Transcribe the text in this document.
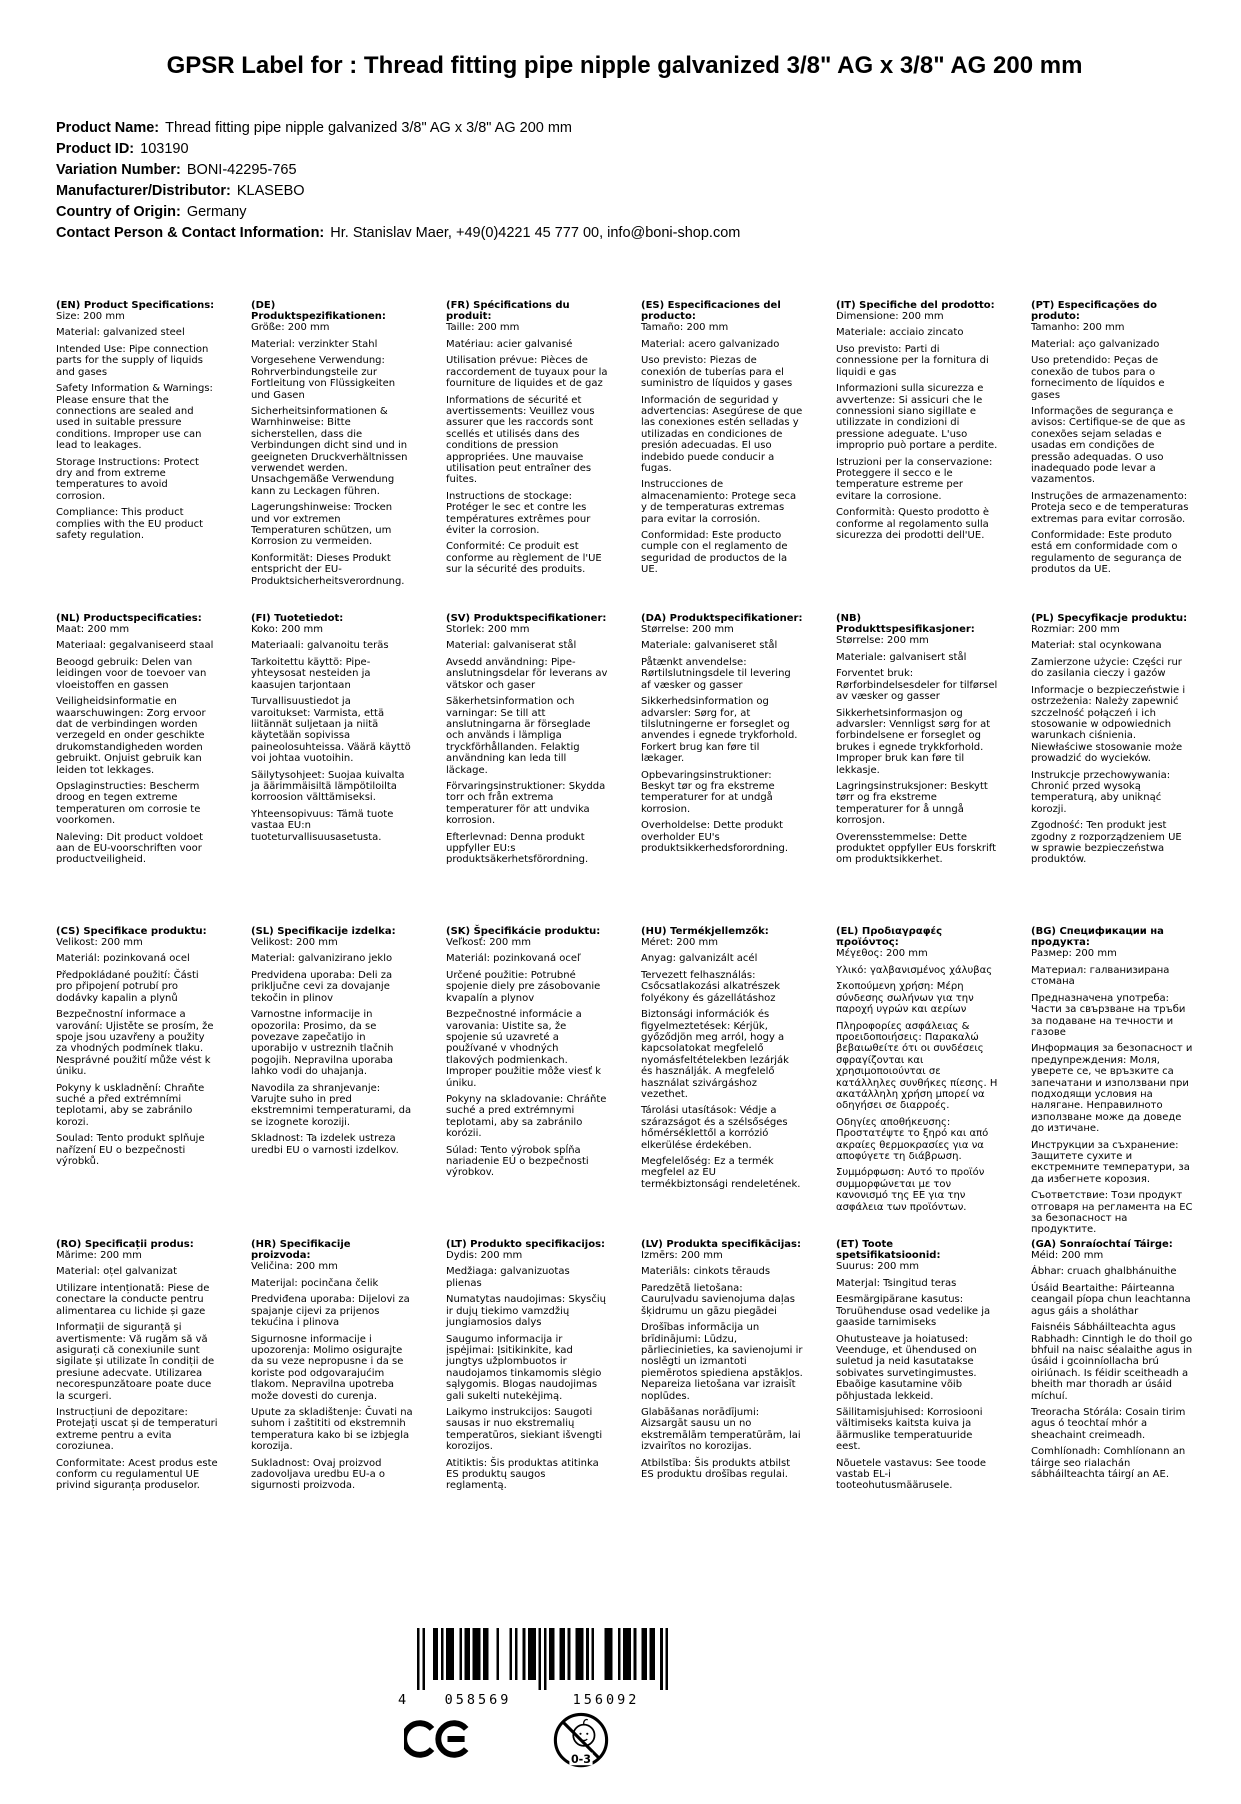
GPSR Label for : Thread fitting pipe nipple galvanized 3/8" AG x 3/8" AG 200 mm
Product Name: Thread fitting pipe nipple galvanized 3/8" AG x 3/8" AG 200 mm
Product ID: 103190
Variation Number: BONI-42295-765
Manufacturer/Distributor: KLASEBO
Country of Origin: Germany
Contact Person & Contact Information: Hr. Stanislav Maer, +49(0)4221 45 777 00, info@boni-shop.com
(EN) Product Specifications:

Size: 200 mm

Material: galvanized steel

Intended Use: Pipe connection parts for the supply of liquids and gases

Safety Information & Warnings: Please ensure that the connections are sealed and used in suitable pressure conditions. Improper use can lead to leakages.

Storage Instructions: Protect dry and from extreme temperatures to avoid corrosion.

Compliance: This product complies with the EU product safety regulation.

(DE) Produktspezifikationen:

Größe: 200 mm

Material: verzinkter Stahl

Vorgesehene Verwendung: Rohrverbindungsteile zur Fortleitung von Flüssigkeiten und Gasen

Sicherheitsinformationen & Warnhinweise: Bitte sicherstellen, dass die Verbindungen dicht sind und in geeigneten Druckverhältnissen verwendet werden. Unsachgemäße Verwendung kann zu Leckagen führen.

Lagerungshinweise: Trocken und vor extremen Temperaturen schützen, um Korrosion zu vermeiden.

Konformität: Dieses Produkt entspricht der EU-Produktsicherheitsverordnung.

(FR) Spécifications du produit:

Taille: 200 mm

Matériau: acier galvanisé

Utilisation prévue: Pièces de raccordement de tuyaux pour la fourniture de liquides et de gaz

Informations de sécurité et avertissements: Veuillez vous assurer que les raccords sont scellés et utilisés dans des conditions de pression appropriées. Une mauvaise utilisation peut entraîner des fuites.

Instructions de stockage: Protéger le sec et contre les températures extrêmes pour éviter la corrosion.

Conformité: Ce produit est conforme au règlement de l'UE sur la sécurité des produits.

(ES) Especificaciones del producto:

Tamaño: 200 mm

Material: acero galvanizado

Uso previsto: Piezas de conexión de tuberías para el suministro de líquidos y gases

Información de seguridad y advertencias: Asegúrese de que las conexiones estén selladas y utilizadas en condiciones de presión adecuadas. El uso indebido puede conducir a fugas.

Instrucciones de almacenamiento: Protege seca y de temperaturas extremas para evitar la corrosión.

Conformidad: Este producto cumple con el reglamento de seguridad de productos de la UE.

(IT) Specifiche del prodotto:

Dimensione: 200 mm

Materiale: acciaio zincato

Uso previsto: Parti di connessione per la fornitura di liquidi e gas

Informazioni sulla sicurezza e avvertenze: Si assicuri che le connessioni siano sigillate e utilizzate in condizioni di pressione adeguate. L'uso improprio può portare a perdite.

Istruzioni per la conservazione: Proteggere il secco e le temperature estreme per evitare la corrosione.

Conformità: Questo prodotto è conforme al regolamento sulla sicurezza dei prodotti dell'UE.

(PT) Especificações do produto:

Tamanho: 200 mm

Material: aço galvanizado

Uso pretendido: Peças de conexão de tubos para o fornecimento de líquidos e gases

Informações de segurança e avisos: Certifique-se de que as conexões sejam seladas e usadas em condições de pressão adequadas. O uso inadequado pode levar a vazamentos.

Instruções de armazenamento: Proteja seco e de temperaturas extremas para evitar corrosão.

Conformidade: Este produto está em conformidade com o regulamento de segurança de produtos da UE.

(NL) Productspecificaties:

Maat: 200 mm

Materiaal: gegalvaniseerd staal

Beoogd gebruik: Delen van leidingen voor de toevoer van vloeistoffen en gassen

Veiligheidsinformatie en waarschuwingen: Zorg ervoor dat de verbindingen worden verzegeld en onder geschikte drukomstandigheden worden gebruikt. Onjuist gebruik kan leiden tot lekkages.

Opslaginstructies: Bescherm droog en tegen extreme temperaturen om corrosie te voorkomen.

Naleving: Dit product voldoet aan de EU-voorschriften voor productveiligheid.

(FI) Tuotetiedot:

Koko: 200 mm

Materiaali: galvanoitu teräs

Tarkoitettu käyttö: Pipe-yhteysosat nesteiden ja kaasujen tarjontaan

Turvallisuustiedot ja varoitukset: Varmista, että liitännät suljetaan ja niitä käytetään sopivissa paineolosuhteissa. Väärä käyttö voi johtaa vuotoihin.

Säilytysohjeet: Suojaa kuivalta ja äärimmäisiltä lämpötiloilta korroosion välttämiseksi.

Yhteensopivuus: Tämä tuote vastaa EU:n tuoteturvallisuusasetusta.

(SV) Produktspecifikationer:

Storlek: 200 mm

Material: galvaniserat stål

Avsedd användning: Pipe-anslutningsdelar för leverans av vätskor och gaser

Säkerhetsinformation och varningar: Se till att anslutningarna är förseglade och används i lämpliga tryckförhållanden. Felaktig användning kan leda till läckage.

Förvaringsinstruktioner: Skydda torr och från extrema temperaturer för att undvika korrosion.

Efterlevnad: Denna produkt uppfyller EU:s produktsäkerhetsförordning.

(DA) Produktspecifikationer:

Størrelse: 200 mm

Materiale: galvaniseret stål

Påtænkt anvendelse: Rørtilslutningsdele til levering af væsker og gasser

Sikkerhedsinformation og advarsler: Sørg for, at tilslutningerne er forseglet og anvendes i egnede trykforhold. Forkert brug kan føre til lækager.

Opbevaringsinstruktioner: Beskyt tør og fra ekstreme temperaturer for at undgå korrosion.

Overholdelse: Dette produkt overholder EU's produktsikkerhedsforordning.

(NB) Produkttspesifikasjoner:

Størrelse: 200 mm

Materiale: galvanisert stål

Forventet bruk: Rørforbindelsesdeler for tilførsel av væsker og gasser

Sikkerhetsinformasjon og advarsler: Vennligst sørg for at forbindelsene er forseglet og brukes i egnede trykkforhold. Improper bruk kan føre til lekkasje.

Lagringsinstruksjoner: Beskytt tørr og fra ekstreme temperaturer for å unngå korrosjon.

Overensstemmelse: Dette produktet oppfyller EUs forskrift om produktsikkerhet.

(PL) Specyfikacje produktu:

Rozmiar: 200 mm

Materiał: stal ocynkowana

Zamierzone użycie: Części rur do zasilania cieczy i gazów

Informacje o bezpieczeństwie i ostrzeżenia: Należy zapewnić szczelność połączeń i ich stosowanie w odpowiednich warunkach ciśnienia. Niewłaściwe stosowanie może prowadzić do wycieków.

Instrukcje przechowywania: Chronić przed wysoką temperaturą, aby uniknąć korozji.

Zgodność: Ten produkt jest zgodny z rozporządzeniem UE w sprawie bezpieczeństwa produktów.

(CS) Specifikace produktu:

Velikost: 200 mm

Materiál: pozinkovaná ocel

Předpokládané použití: Části pro připojení potrubí pro dodávky kapalin a plynů

Bezpečnostní informace a varování: Ujistěte se prosím, že spoje jsou uzavřeny a použity za vhodných podmínek tlaku. Nesprávné použití může vést k úniku.

Pokyny k uskladnění: Chraňte suché a před extrémními teplotami, aby se zabránilo korozi.

Soulad: Tento produkt splňuje nařízení EU o bezpečnosti výrobků.

(SL) Specifikacije izdelka:

Velikost: 200 mm

Material: galvanizirano jeklo

Predvidena uporaba: Deli za priključne cevi za dovajanje tekočin in plinov

Varnostne informacije in opozorila: Prosimo, da se povezave zapečatijo in uporabijo v ustreznih tlačnih pogojih. Nepravilna uporaba lahko vodi do uhajanja.

Navodila za shranjevanje: Varujte suho in pred ekstremnimi temperaturami, da se izognete koroziji.

Skladnost: Ta izdelek ustreza uredbi EU o varnosti izdelkov.

(SK) Špecifikácie produktu:

Veľkosť: 200 mm

Materiál: pozinkovaná oceľ

Určené použitie: Potrubné spojenie diely pre zásobovanie kvapalín a plynov

Bezpečnostné informácie a varovania: Uistite sa, že spojenie sú uzavreté a používané v vhodných tlakových podmienkach. Improper použitie môže viesť k úniku.

Pokyny na skladovanie: Chráňte suché a pred extrémnymi teplotami, aby sa zabránilo korózii.

Súlad: Tento výrobok spĺňa nariadenie EÚ o bezpečnosti výrobkov.

(HU) Termékjellemzők:

Méret: 200 mm

Anyag: galvanizált acél

Tervezett felhasználás: Csőcsatlakozási alkatrészek folyékony és gázellátáshoz

Biztonsági információk és figyelmeztetések: Kérjük, győződjön meg arról, hogy a kapcsolatokat megfelelő nyomásfeltételekben lezárják és használják. A megfelelő használat szivárgáshoz vezethet.

Tárolási utasítások: Védje a szárazságot és a szélsőséges hőmérséklettől a korrózió elkerülése érdekében.

Megfelelőség: Ez a termék megfelel az EU termékbiztonsági rendeletének.

(EL) Προδιαγραφές προϊόντος:

Μέγεθος: 200 mm

Υλικό: γαλβανισμένος χάλυβας

Σκοπούμενη χρήση: Μέρη σύνδεσης σωλήνων για την παροχή υγρών και αερίων

Πληροφορίες ασφάλειας & προειδοποιήσεις: Παρακαλώ βεβαιωθείτε ότι οι συνδέσεις σφραγίζονται και χρησιμοποιούνται σε κατάλληλες συνθήκες πίεσης. Η ακατάλληλη χρήση μπορεί να οδηγήσει σε διαρροές.

Οδηγίες αποθήκευσης: Προστατέψτε το ξηρό και από ακραίες θερμοκρασίες για να αποφύγετε τη διάβρωση.

Συμμόρφωση: Αυτό το προϊόν συμμορφώνεται με τον κανονισμό της ΕΕ για την ασφάλεια των προϊόντων.

(BG) Спецификации на продукта:

Размер: 200 mm

Материал: галванизирана стомана

Предназначена употреба: Части за свързване на тръби за подаване на течности и газове

Информация за безопасност и предупреждения: Моля, уверете се, че връзките са запечатани и използвани при подходящи условия на налягане. Неправилното използване може да доведе до изтичане.

Инструкции за съхранение: Защитете сухите и екстремните температури, за да избегнете корозия.

Съответствие: Този продукт отговаря на регламента на ЕС за безопасност на продуктите.

(RO) Specificații produs:

Mărime: 200 mm

Material: oțel galvanizat

Utilizare intenționată: Piese de conectare la conducte pentru alimentarea cu lichide și gaze

Informații de siguranță și avertismente: Vă rugăm să vă asigurați că conexiunile sunt sigilate și utilizate în condiții de presiune adecvate. Utilizarea necorespunzătoare poate duce la scurgeri.

Instrucțiuni de depozitare: Protejați uscat și de temperaturi extreme pentru a evita coroziunea.

Conformitate: Acest produs este conform cu regulamentul UE privind siguranța produselor.

(HR) Specifikacije proizvoda:

Veličina: 200 mm

Materijal: pocinčana čelik

Predviđena uporaba: Dijelovi za spajanje cijevi za prijenos tekućina i plinova

Sigurnosne informacije i upozorenja: Molimo osigurajte da su veze nepropusne i da se koriste pod odgovarajućim tlakom. Nepravilna upotreba može dovesti do curenja.

Upute za skladištenje: Čuvati na suhom i zaštititi od ekstremnih temperatura kako bi se izbjegla korozija.

Sukladnost: Ovaj proizvod zadovoljava uredbu EU-a o sigurnosti proizvoda.

(LT) Produkto specifikacijos:

Dydis: 200 mm

Medžiaga: galvanizuotas plienas

Numatytas naudojimas: Skysčių ir dujų tiekimo vamzdžių jungiamosios dalys

Saugumo informacija ir įspėjimai: Įsitikinkite, kad jungtys užplombuotos ir naudojamos tinkamomis slėgio sąlygomis. Blogas naudojimas gali sukelti nutekėjimą.

Laikymo instrukcijos: Saugoti sausas ir nuo ekstremalių temperatūros, siekiant išvengti korozijos.

Atitiktis: Šis produktas atitinka ES produktų saugos reglamentą.

(LV) Produkta specifikācijas:

Izmērs: 200 mm

Materiāls: cinkots tērauds

Paredzētā lietošana: Cauruļvadu savienojuma daļas šķidrumu un gāzu piegādei

Drošības informācija un brīdinājumi: Lūdzu, pārliecinieties, ka savienojumi ir noslēgti un izmantoti piemērotos spiediena apstākļos. Nepareiza lietošana var izraisīt noplūdes.

Glabāšanas norādījumi: Aizsargāt sausu un no ekstremālām temperatūrām, lai izvairītos no korozijas.

Atbilstība: Šis produkts atbilst ES produktu drošības regulai.

(ET) Toote spetsifikatsioonid:

Suurus: 200 mm

Materjal: Tsingitud teras

Eesmärgipärane kasutus: Toruühenduse osad vedelike ja gaaside tarnimiseks

Ohutusteave ja hoiatused: Veenduge, et ühendused on suletud ja neid kasutatakse sobivates survetingimustes. Ebaõige kasutamine võib põhjustada lekkeid.

Säilitamisjuhised: Korrosiooni vältimiseks kaitsta kuiva ja äärmuslike temperatuuride eest.

Nõuetele vastavus: See toode vastab EL-i tooteohutusmäärusele.

(GA) Sonraíochtaí Táirge:

Méid: 200 mm

Ábhar: cruach ghalbhánuithe

Úsáid Beartaithe: Páirteanna ceangail píopa chun leachtanna agus gáis a sholáthar

Faisnéis Sábháilteachta agus Rabhadh: Cinntigh le do thoil go bhfuil na naisc séalaithe agus in úsáid i gcoinníollacha brú oiriúnach. Is féidir sceitheadh a bheith mar thoradh ar úsáid míchuí.

Treoracha Stórála: Cosain tirim agus ó teochtaí mhór a sheachaint creimeadh.

Comhlíonadh: Comhlíonann an táirge seo rialachán sábháilteachta táirgí an AE.

4	058569	156092
0-3
